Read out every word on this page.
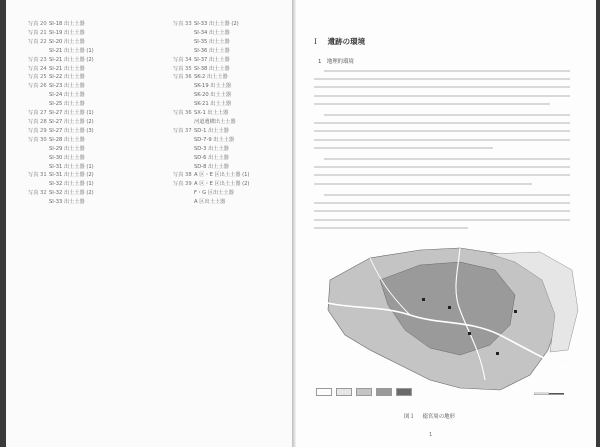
写真 20 SI-18 出土土器
写真 21 SI-19 出土土器
写真 22 SI-20 出土土器
SI-21 出土土器 (1)
写真 23 SI-21 出土土器 (2)
写真 24 SI-21 出土土器
写真 25 SI-22 出土土器
写真 26 SI-23 出土土器
SI-24 出土土器
SI-25 出土土器
写真 27 SI-27 出土土器 (1)
写真 28 SI-27 出土土器 (2)
写真 29 SI-27 出土土器 (3)
写真 30 SI-28 出土土器
SI-29 出土土器
SI-30 出土土器
SI-31 出土土器 (1)
写真 31 SI-31 出土土器 (2)
SI-32 出土土器 (1)
写真 32 SI-32 出土土器 (2)
SI-33 出土土器
写真 33 SI-33 出土土器 (2)
SI-34 出土土器
SI-35 出土土器
SI-36 出土土器
写真 34 SI-37 出土土器
写真 35 SI-38 出土土器
写真 36 SK-2 出土土器
SK-19 出土土器
SK-20 出土土器
SK-21 出土土器
写真 36 SX-1 出土土器
河道遺構出土土器
写真 37 SD-1 出土土器
SD-7-9 出土土器
SD-3 出土土器
SD-6 出土土器
SD-8 出土土器
写真 38 A 区・E 区出土土器 (1)
写真 39 A 区・E 区出土土器 (2)
F・G 区出土土器
A 区出土土器
I 遺跡の環境
1　地理的環境
図１ 徳宮周の地形
1
